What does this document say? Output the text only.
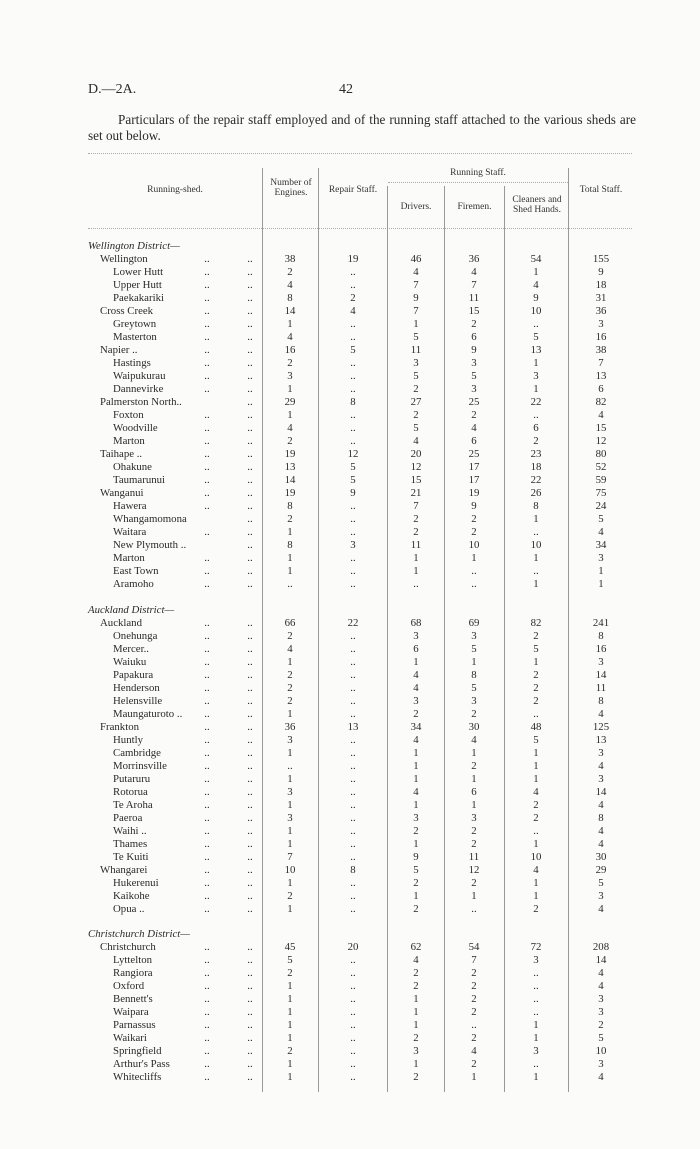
D.—2A.	42

Particulars of the repair staff employed and of the running staff attached to the various sheds are set out below.

Running-shed.
Number of Engines.	Repair Staff.
Running Staff.
Drivers.	Firemen.
Cleaners and Shed Hands.
Total Staff.
Wellington District—
Wellington	..	..	38	19	46	36	54	155
Lower Hutt	..	..	2	..	4	4	1	9
Upper Hutt	..	..	4	..	7	7	4	18
Paekakariki	..	..	8	2	9	11	9	31
Cross Creek	..	..	14	4	7	15	10	36
Greytown	..	..	1	..	1	2	..	3
Masterton	..	..	4	..	5	6	5	16
Napier ..	..	..	16	5	11	9	13	38
Hastings	..	..	2	..	3	3	1	7
Waipukurau	..	..	3	..	5	5	3	13
Dannevirke	..	..	1	..	2	3	1	6
Palmerston North..	..	29	8	27	25	22	82
Foxton	..	..	1	..	2	2	..	4
Woodville	..	..	4	..	5	4	6	15
Marton	..	..	2	..	4	6	2	12
Taihape ..	..	..	19	12	20	25	23	80
Ohakune	..	..	13	5	12	17	18	52
Taumarunui	..	..	14	5	15	17	22	59
Wanganui	..	..	19	9	21	19	26	75
Hawera	..	..	8	..	7	9	8	24
Whangamomona	..	2	..	2	2	1	5
Waitara	..	..	1	..	2	2	..	4
New Plymouth ..	..	8	3	11	10	10	34
Marton	..	..	1	..	1	1	1	3
East Town	..	..	1	..	1	..	..	1
Aramoho	..	..	..	..	..	..	1	1
Auckland District—
Auckland	..	..	66	22	68	69	82	241
Onehunga	..	..	2	..	3	3	2	8
Mercer..	..	..	4	..	6	5	5	16
Waiuku	..	..	1	..	1	1	1	3
Papakura	..	..	2	..	4	8	2	14
Henderson	..	..	2	..	4	5	2	11
Helensville	..	..	2	..	3	3	2	8
Maungaturoto ..	..	..	1	..	2	2	..	4
Frankton	..	..	36	13	34	30	48	125
Huntly	..	..	3	..	4	4	5	13
Cambridge	..	..	1	..	1	1	1	3
Morrinsville	..	..	..	..	1	2	1	4
Putaruru	..	..	1	..	1	1	1	3
Rotorua	..	..	3	..	4	6	4	14
Te Aroha	..	..	1	..	1	1	2	4
Paeroa	..	..	3	..	3	3	2	8
Waihi ..	..	..	1	..	2	2	..	4
Thames	..	..	1	..	1	2	1	4
Te Kuiti	..	..	7	..	9	11	10	30
Whangarei	..	..	10	8	5	12	4	29
Hukerenui	..	..	1	..	2	2	1	5
Kaikohe	..	..	2	..	1	1	1	3
Opua ..	..	..	1	..	2	..	2	4
Christchurch District—
Christchurch	..	..	45	20	62	54	72	208
Lyttelton	..	..	5	..	4	7	3	14
Rangiora	..	..	2	..	2	2	..	4
Oxford	..	..	1	..	2	2	..	4
Bennett's	..	..	1	..	1	2	..	3
Waipara	..	..	1	..	1	2	..	3
Parnassus	..	..	1	..	1	..	1	2
Waikari	..	..	1	..	2	2	1	5
Springfield	..	..	2	..	3	4	3	10
Arthur's Pass	..	..	1	..	1	2	..	3
Whitecliffs	..	..	1	..	2	1	1	4
